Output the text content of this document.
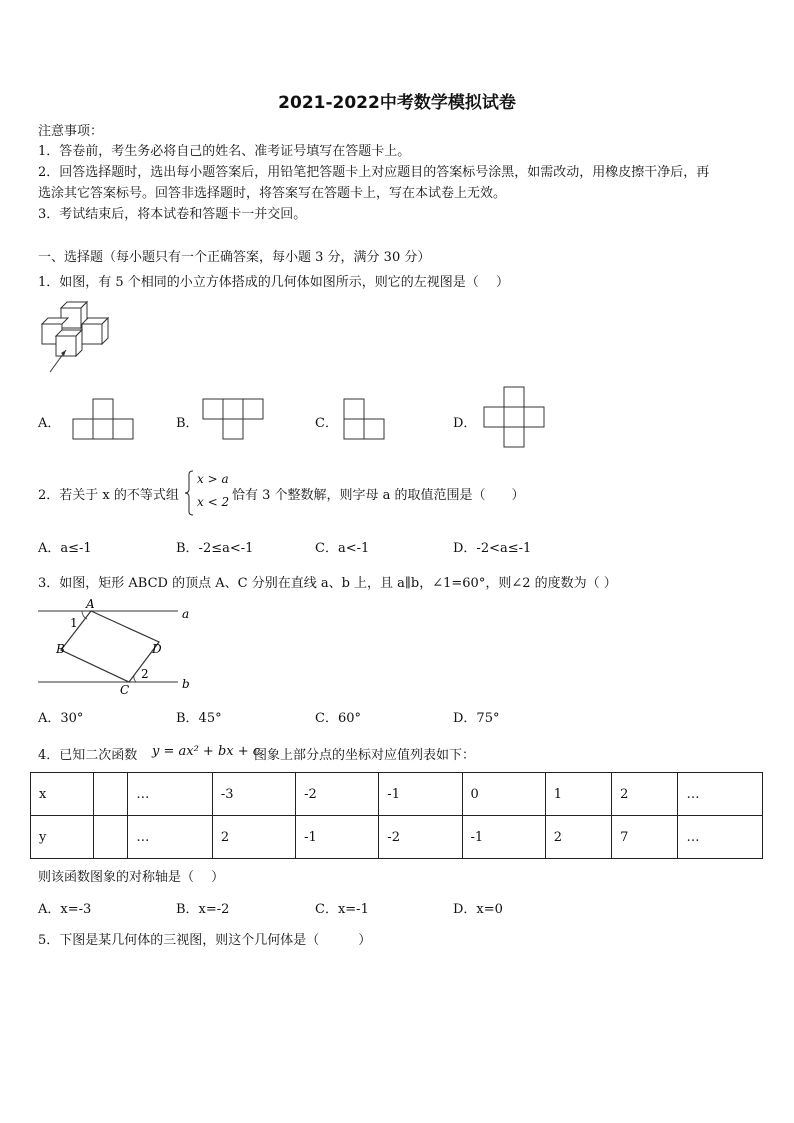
2021-2022中考数学模拟试卷
注意事项：
1．答卷前，考生务必将自己的姓名、准考证号填写在答题卡上。
2．回答选择题时，选出每小题答案后，用铅笔把答题卡上对应题目的答案标号涂黑，如需改动，用橡皮擦干净后，再
选涂其它答案标号。回答非选择题时，将答案写在答题卡上，写在本试卷上无效。
3．考试结束后，将本试卷和答题卡一并交回。
一、选择题（每小题只有一个正确答案，每小题 3 分，满分 30 分）
1．如图，有 5 个相同的小立方体搭成的几何体如图所示，则它的左视图是（　 ）
A．	B．	C．	D．
2．若关于 x 的不等式组
x > a
x < 2 恰有 3 个整数解，则字母 a 的取值范围是（　　）
A．a≤-1	B．-2≤a<-1	C．a<-1	D．-2<a≤-1
3．如图，矩形 ABCD 的顶点 A、C 分别在直线 a、b 上，且 a∥b，∠1=60°，则∠2 的度数为（ ）
A
1
B	D
2
C
a
b
A．30°	B．45°	C．60°	D．75°
4．已知二次函数 y = ax² + bx + c
图象上部分点的坐标对应值列表如下：
x		…	-3	-2	-1	0	1	2	…
y		…	2	-1	-2	-1	2	7	…
则该函数图象的对称轴是（　 ）
A．x=-3	B．x=-2	C．x=-1	D．x=0
5．下图是某几何体的三视图，则这个几何体是（　　　）
